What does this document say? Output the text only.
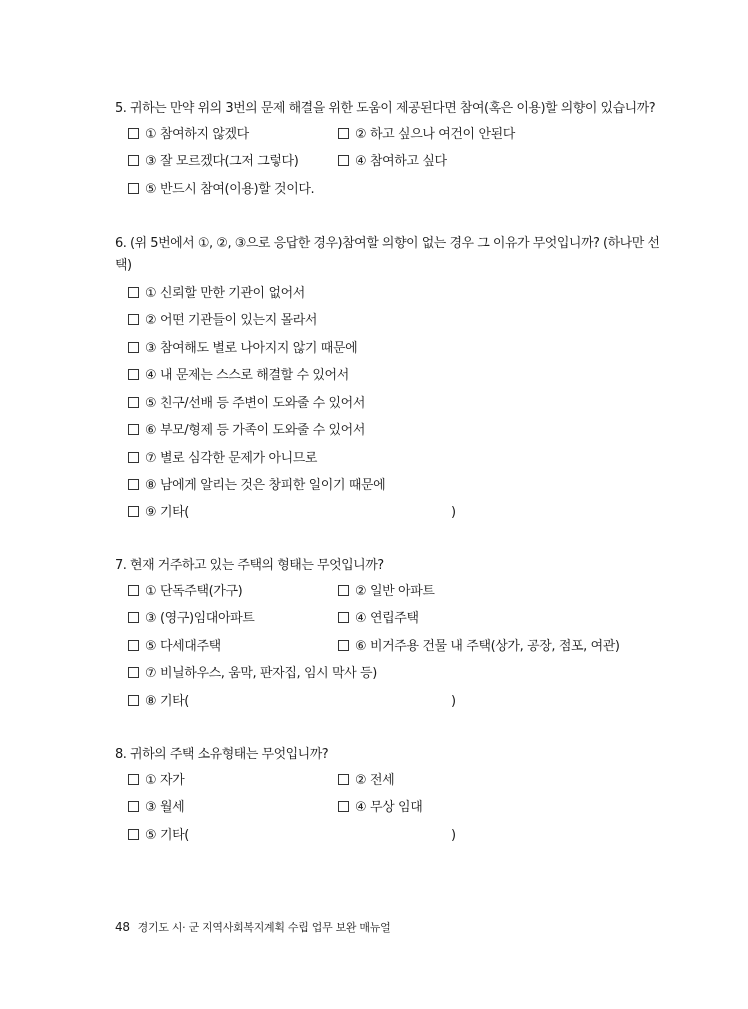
5. 귀하는 만약 위의 3번의 문제 해결을 위한 도움이 제공된다면 참여(혹은 이용)할 의향이 있습니까?

① 참여하지 않겠다	② 하고 싶으나 여건이 안된다
③ 잘 모르겠다(그저 그렇다)	④ 참여하고 싶다
⑤ 반드시 참여(이용)할 것이다.

6. (위 5번에서 ①, ②, ③으로 응답한 경우)참여할 의향이 없는 경우 그 이유가 무엇입니까? (하나만 선택)

① 신뢰할 만한 기관이 없어서
② 어떤 기관들이 있는지 몰라서
③ 참여해도 별로 나아지지 않기 때문에
④ 내 문제는 스스로 해결할 수 있어서
⑤ 친구/선배 등 주변이 도와줄 수 있어서
⑥ 부모/형제 등 가족이 도와줄 수 있어서
⑦ 별로 심각한 문제가 아니므로
⑧ 남에게 알리는 것은 창피한 일이기 때문에
⑨ 기타(	)

7. 현재 거주하고 있는 주택의 형태는 무엇입니까?

① 단독주택(가구)	② 일반 아파트
③ (영구)임대아파트	④ 연립주택
⑤ 다세대주택	⑥ 비거주용 건물 내 주택(상가, 공장, 점포, 여관)
⑦ 비닐하우스, 움막, 판자집, 임시 막사 등)
⑧ 기타(	)

8. 귀하의 주택 소유형태는 무엇입니까?

① 자가	② 전세
③ 월세	④ 무상 임대
⑤ 기타(	)
48 경기도 시· 군 지역사회복지계획 수립 업무 보완 매뉴얼
